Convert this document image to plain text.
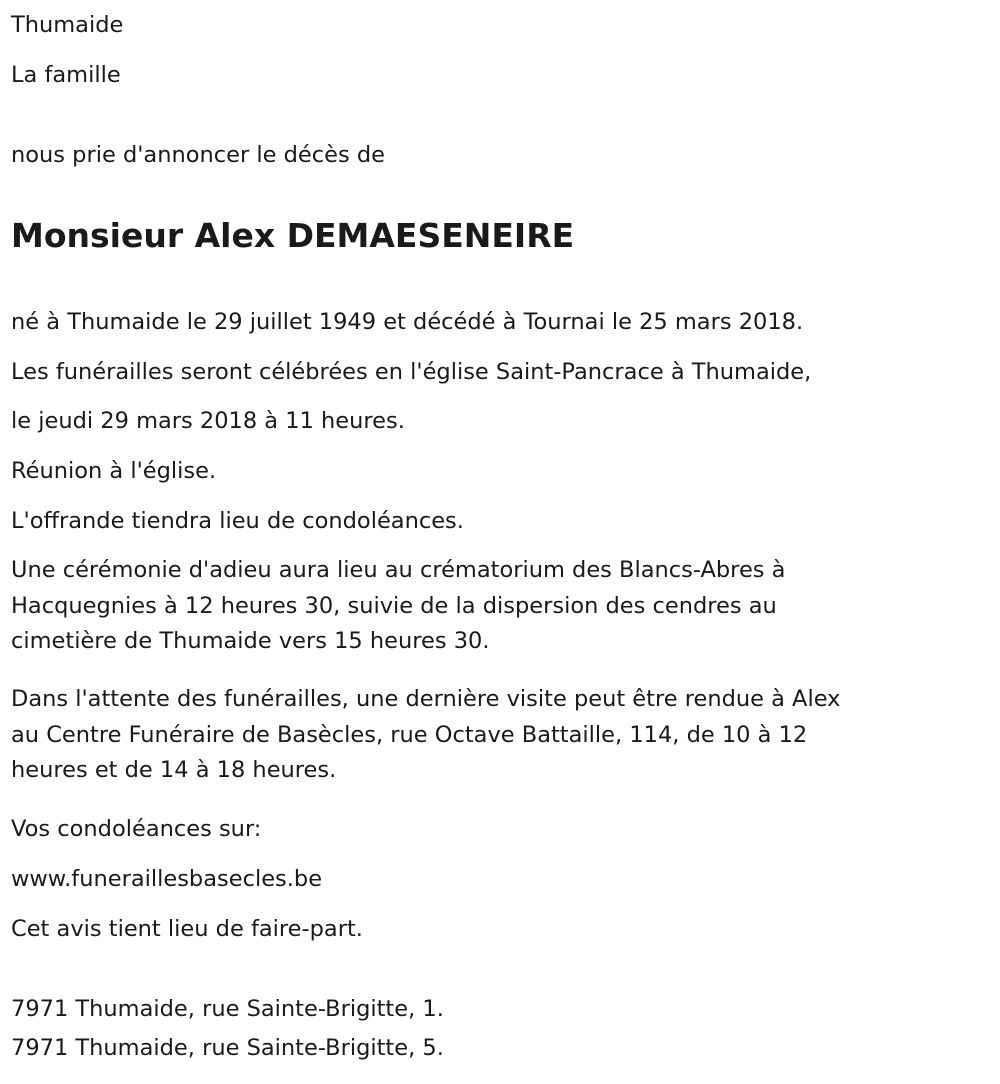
Thumaide
La famille
nous prie d'annoncer le décès de
Monsieur Alex DEMAESENEIRE
né à Thumaide le 29 juillet 1949 et décédé à Tournai le 25 mars 2018.
Les funérailles seront célébrées en l'église Saint-Pancrace à Thumaide,
le jeudi 29 mars 2018 à 11 heures.
Réunion à l'église.
L'offrande tiendra lieu de condoléances.
Une cérémonie d'adieu aura lieu au crématorium des Blancs-Abres à
Hacquegnies à 12 heures 30, suivie de la dispersion des cendres au
cimetière de Thumaide vers 15 heures 30.
Dans l'attente des funérailles, une dernière visite peut être rendue à Alex
au Centre Funéraire de Basècles, rue Octave Battaille, 114, de 10 à 12
heures et de 14 à 18 heures.
Vos condoléances sur:
www.funeraillesbasecles.be
Cet avis tient lieu de faire-part.
7971 Thumaide, rue Sainte-Brigitte, 1.
7971 Thumaide, rue Sainte-Brigitte, 5.
